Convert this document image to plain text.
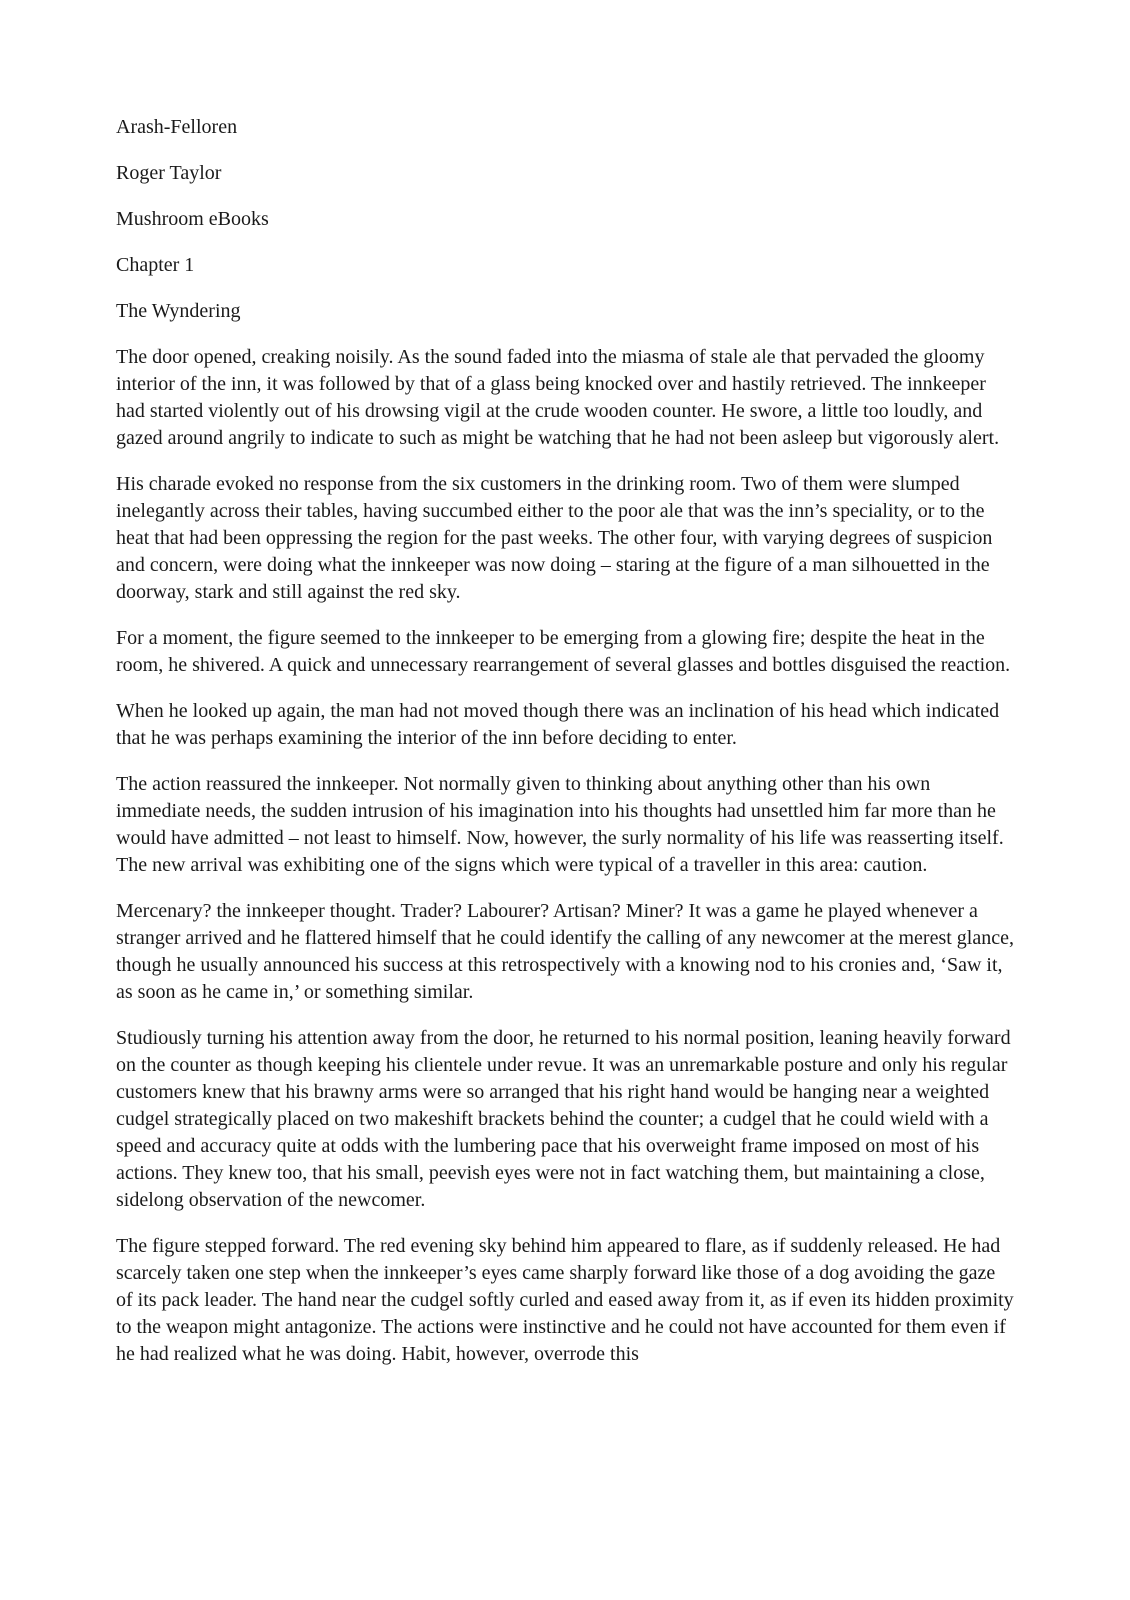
Arash-Felloren

Roger Taylor

Mushroom eBooks

Chapter 1

The Wyndering

The door opened, creaking noisily. As the sound faded into the miasma of stale ale that pervaded the gloomy interior of the inn, it was followed by that of a glass being knocked over and hastily retrieved. The innkeeper had started violently out of his drowsing vigil at the crude wooden counter. He swore, a little too loudly, and gazed around angrily to indicate to such as might be watching that he had not been asleep but vigorously alert.

His charade evoked no response from the six customers in the drinking room. Two of them were slumped inelegantly across their tables, having succumbed either to the poor ale that was the inn’s speciality, or to the heat that had been oppressing the region for the past weeks. The other four, with varying degrees of suspicion and concern, were doing what the innkeeper was now doing – staring at the figure of a man silhouetted in the doorway, stark and still against the red sky.

For a moment, the figure seemed to the innkeeper to be emerging from a glowing fire; despite the heat in the room, he shivered. A quick and unnecessary rearrangement of several glasses and bottles disguised the reaction.

When he looked up again, the man had not moved though there was an inclination of his head which indicated that he was perhaps examining the interior of the inn before deciding to enter.

The action reassured the innkeeper. Not normally given to thinking about anything other than his own immediate needs, the sudden intrusion of his imagination into his thoughts had unsettled him far more than he would have admitted – not least to himself. Now, however, the surly normality of his life was reasserting itself. The new arrival was exhibiting one of the signs which were typical of a traveller in this area: caution.

Mercenary? the innkeeper thought. Trader? Labourer? Artisan? Miner? It was a game he played whenever a stranger arrived and he flattered himself that he could identify the calling of any newcomer at the merest glance, though he usually announced his success at this retrospectively with a knowing nod to his cronies and, ‘Saw it, as soon as he came in,’ or something similar.

Studiously turning his attention away from the door, he returned to his normal position, leaning heavily forward on the counter as though keeping his clientele under revue. It was an unremarkable posture and only his regular customers knew that his brawny arms were so arranged that his right hand would be hanging near a weighted cudgel strategically placed on two makeshift brackets behind the counter; a cudgel that he could wield with a speed and accuracy quite at odds with the lumbering pace that his overweight frame imposed on most of his actions. They knew too, that his small, peevish eyes were not in fact watching them, but maintaining a close, sidelong observation of the newcomer.

The figure stepped forward. The red evening sky behind him appeared to flare, as if suddenly released. He had scarcely taken one step when the innkeeper’s eyes came sharply forward like those of a dog avoiding the gaze of its pack leader. The hand near the cudgel softly curled and eased away from it, as if even its hidden proximity to the weapon might antagonize. The actions were instinctive and he could not have accounted for them even if he had realized what he was doing. Habit, however, overrode this
